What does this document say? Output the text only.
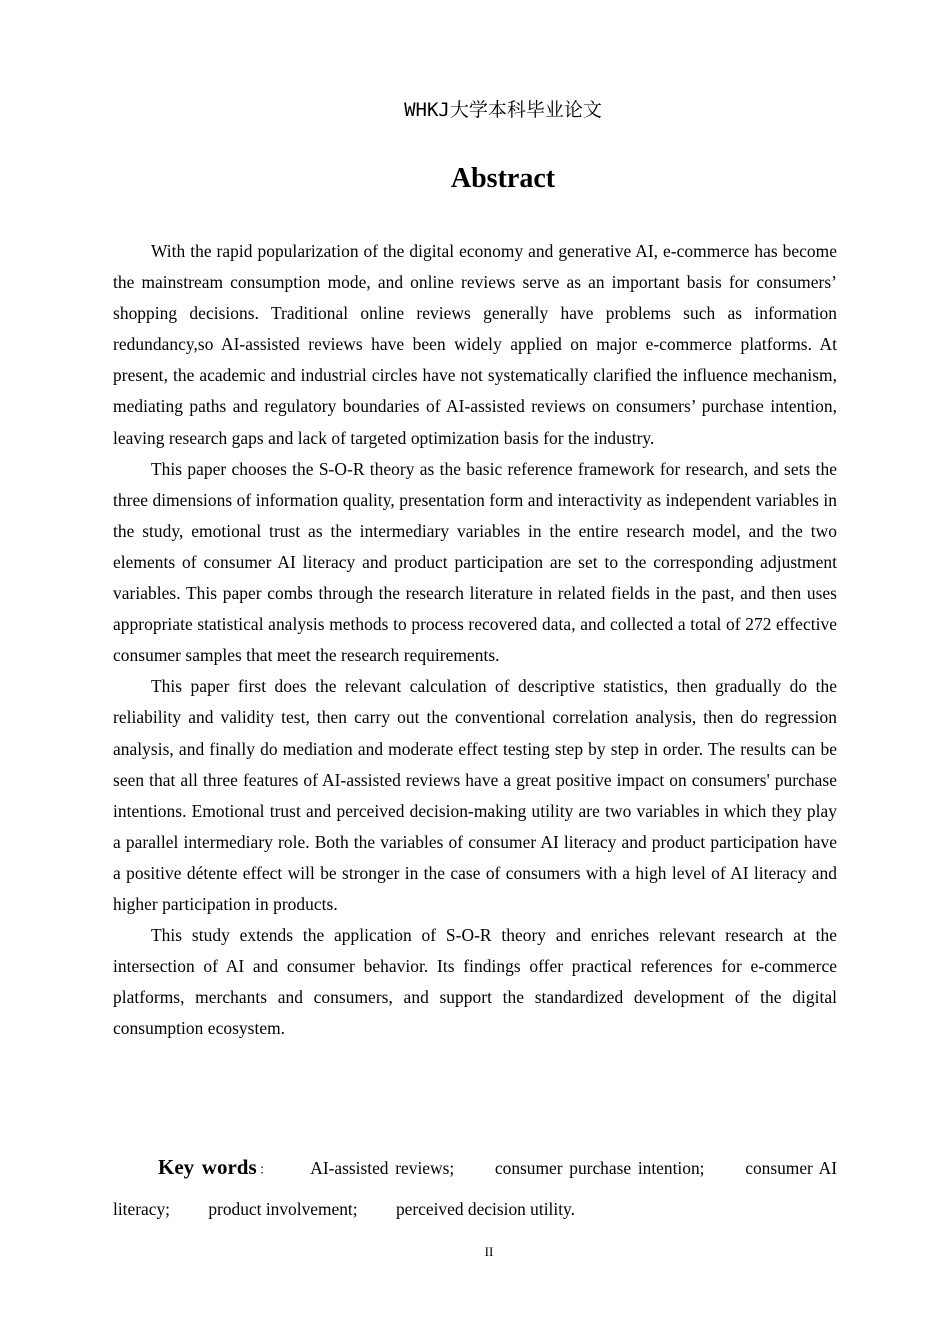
WHKJ大学本科毕业论文
Abstract

With the rapid popularization of the digital economy and generative AI, e-commerce has become the mainstream consumption mode, and online reviews serve as an important basis for consumers’ shopping decisions. Traditional online reviews generally have problems such as information redundancy,so AI-assisted reviews have been widely applied on major e-commerce platforms. At present, the academic and industrial circles have not systematically clarified the influence mechanism, mediating paths and regulatory boundaries of AI-assisted reviews on consumers’ purchase intention, leaving research gaps and lack of targeted optimization basis for the industry.

This paper chooses the S-O-R theory as the basic reference framework for research, and sets the three dimensions of information quality, presentation form and interactivity as independent variables in the study, emotional trust as the intermediary variables in the entire research model, and the two elements of consumer AI literacy and product participation are set to the corresponding adjustment variables. This paper combs through the research literature in related fields in the past, and then uses appropriate statistical analysis methods to process recovered data, and collected a total of 272 effective consumer samples that meet the research requirements.

This paper first does the relevant calculation of descriptive statistics, then gradually do the reliability and validity test, then carry out the conventional correlation analysis, then do regression analysis, and finally do mediation and moderate effect testing step by step in order. The results can be seen that all three features of AI-assisted reviews have a great positive impact on consumers' purchase intentions. Emotional trust and perceived decision-making utility are two variables in which they play a parallel intermediary role. Both the variables of consumer AI literacy and product participation have a positive détente effect will be stronger in the case of consumers with a high level of AI literacy and higher participation in products.

This study extends the application of S-O-R theory and enriches relevant research at the intersection of AI and consumer behavior. Its findings offer practical references for e-commerce platforms, merchants and consumers, and support the standardized development of the digital consumption ecosystem.

Key words： AI-assisted reviews; consumer purchase intention; consumer AI literacy; product involvement; perceived decision utility.
II
